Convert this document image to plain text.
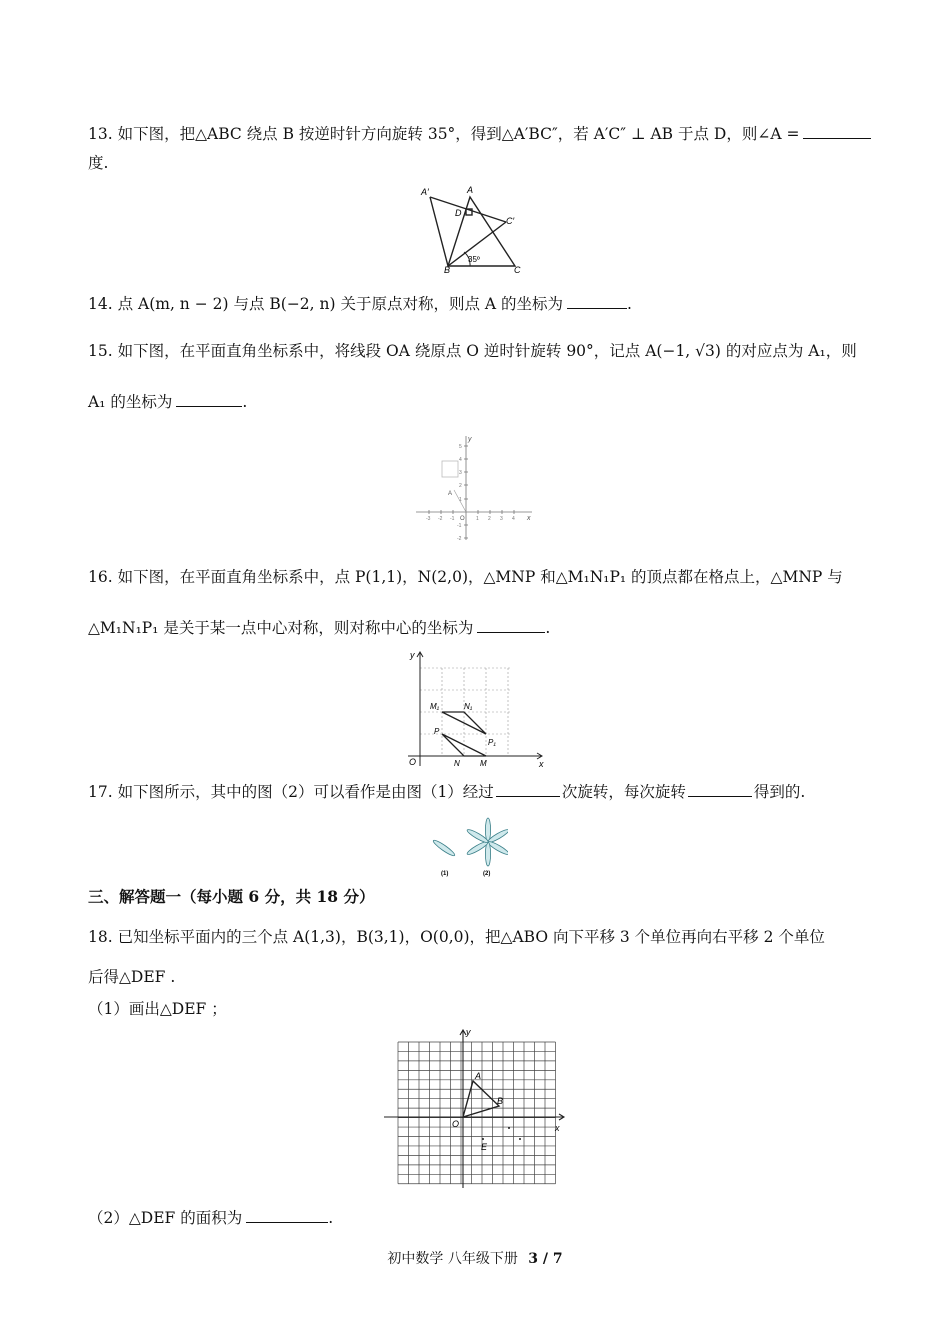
13. 如下图，把△ABC 绕点 B 按逆时针方向旋转 35°，得到△A′BC″，若 A′C″ ⊥ AB 于点 D，则∠A =
度.
A′	A
D
C′
B	C
35º
14. 点 A(m, n − 2) 与点 B(−2, n) 关于原点对称，则点 A 的坐标为	.
15. 如下图，在平面直角坐标系中，将线段 OA 绕原点 O 逆时针旋转 90°，记点 A(−1, √3) 的对应点为 A₁，则
A₁ 的坐标为	.
y
x
A
O
-3 -2 -1	1 2 3 4
5
4
3
2
1
-1
-2
16. 如下图，在平面直角坐标系中，点 P(1,1)，N(2,0)，△MNP 和△M₁N₁P₁ 的顶点都在格点上，△MNP 与
△M₁N₁P₁ 是关于某一点中心对称，则对称中心的坐标为	.
y
x
O
M₁	N₁
P
P₁
N	M
17. 如下图所示，其中的图（2）可以看作是由图（1）经过	次旋转，每次旋转	得到的.
(1)	(2)
三、解答题一（每小题 6 分，共 18 分）
18. 已知坐标平面内的三个点 A(1,3)，B(3,1)，O(0,0)，把△ABO 向下平移 3 个单位再向右平移 2 个单位
后得△DEF .
（1）画出△DEF ；
y
x
A
B
O
E
（2）△DEF 的面积为	.
初中数学 八年级下册 3 / 7
